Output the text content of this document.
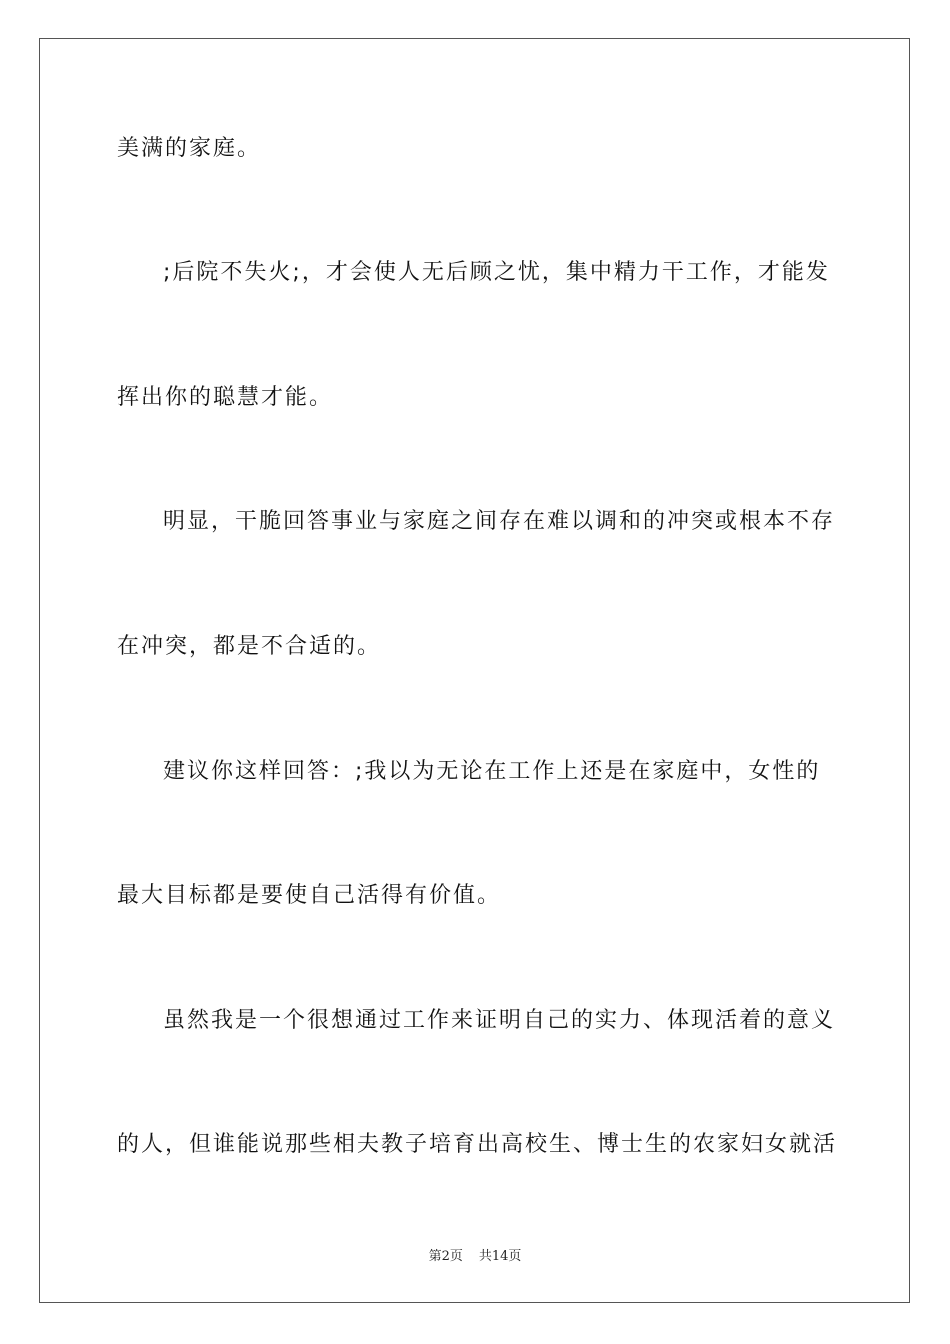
美满的家庭。
;后院不失火;，才会使人无后顾之忧，集中精力干工作，才能发
挥出你的聪慧才能。
明显，干脆回答事业与家庭之间存在难以调和的冲突或根本不存
在冲突，都是不合适的。
建议你这样回答：;我以为无论在工作上还是在家庭中，女性的
最大目标都是要使自己活得有价值。
虽然我是一个很想通过工作来证明自己的实力、体现活着的意义
的人，但谁能说那些相夫教子培育出高校生、博士生的农家妇女就活
第2页 共14页
